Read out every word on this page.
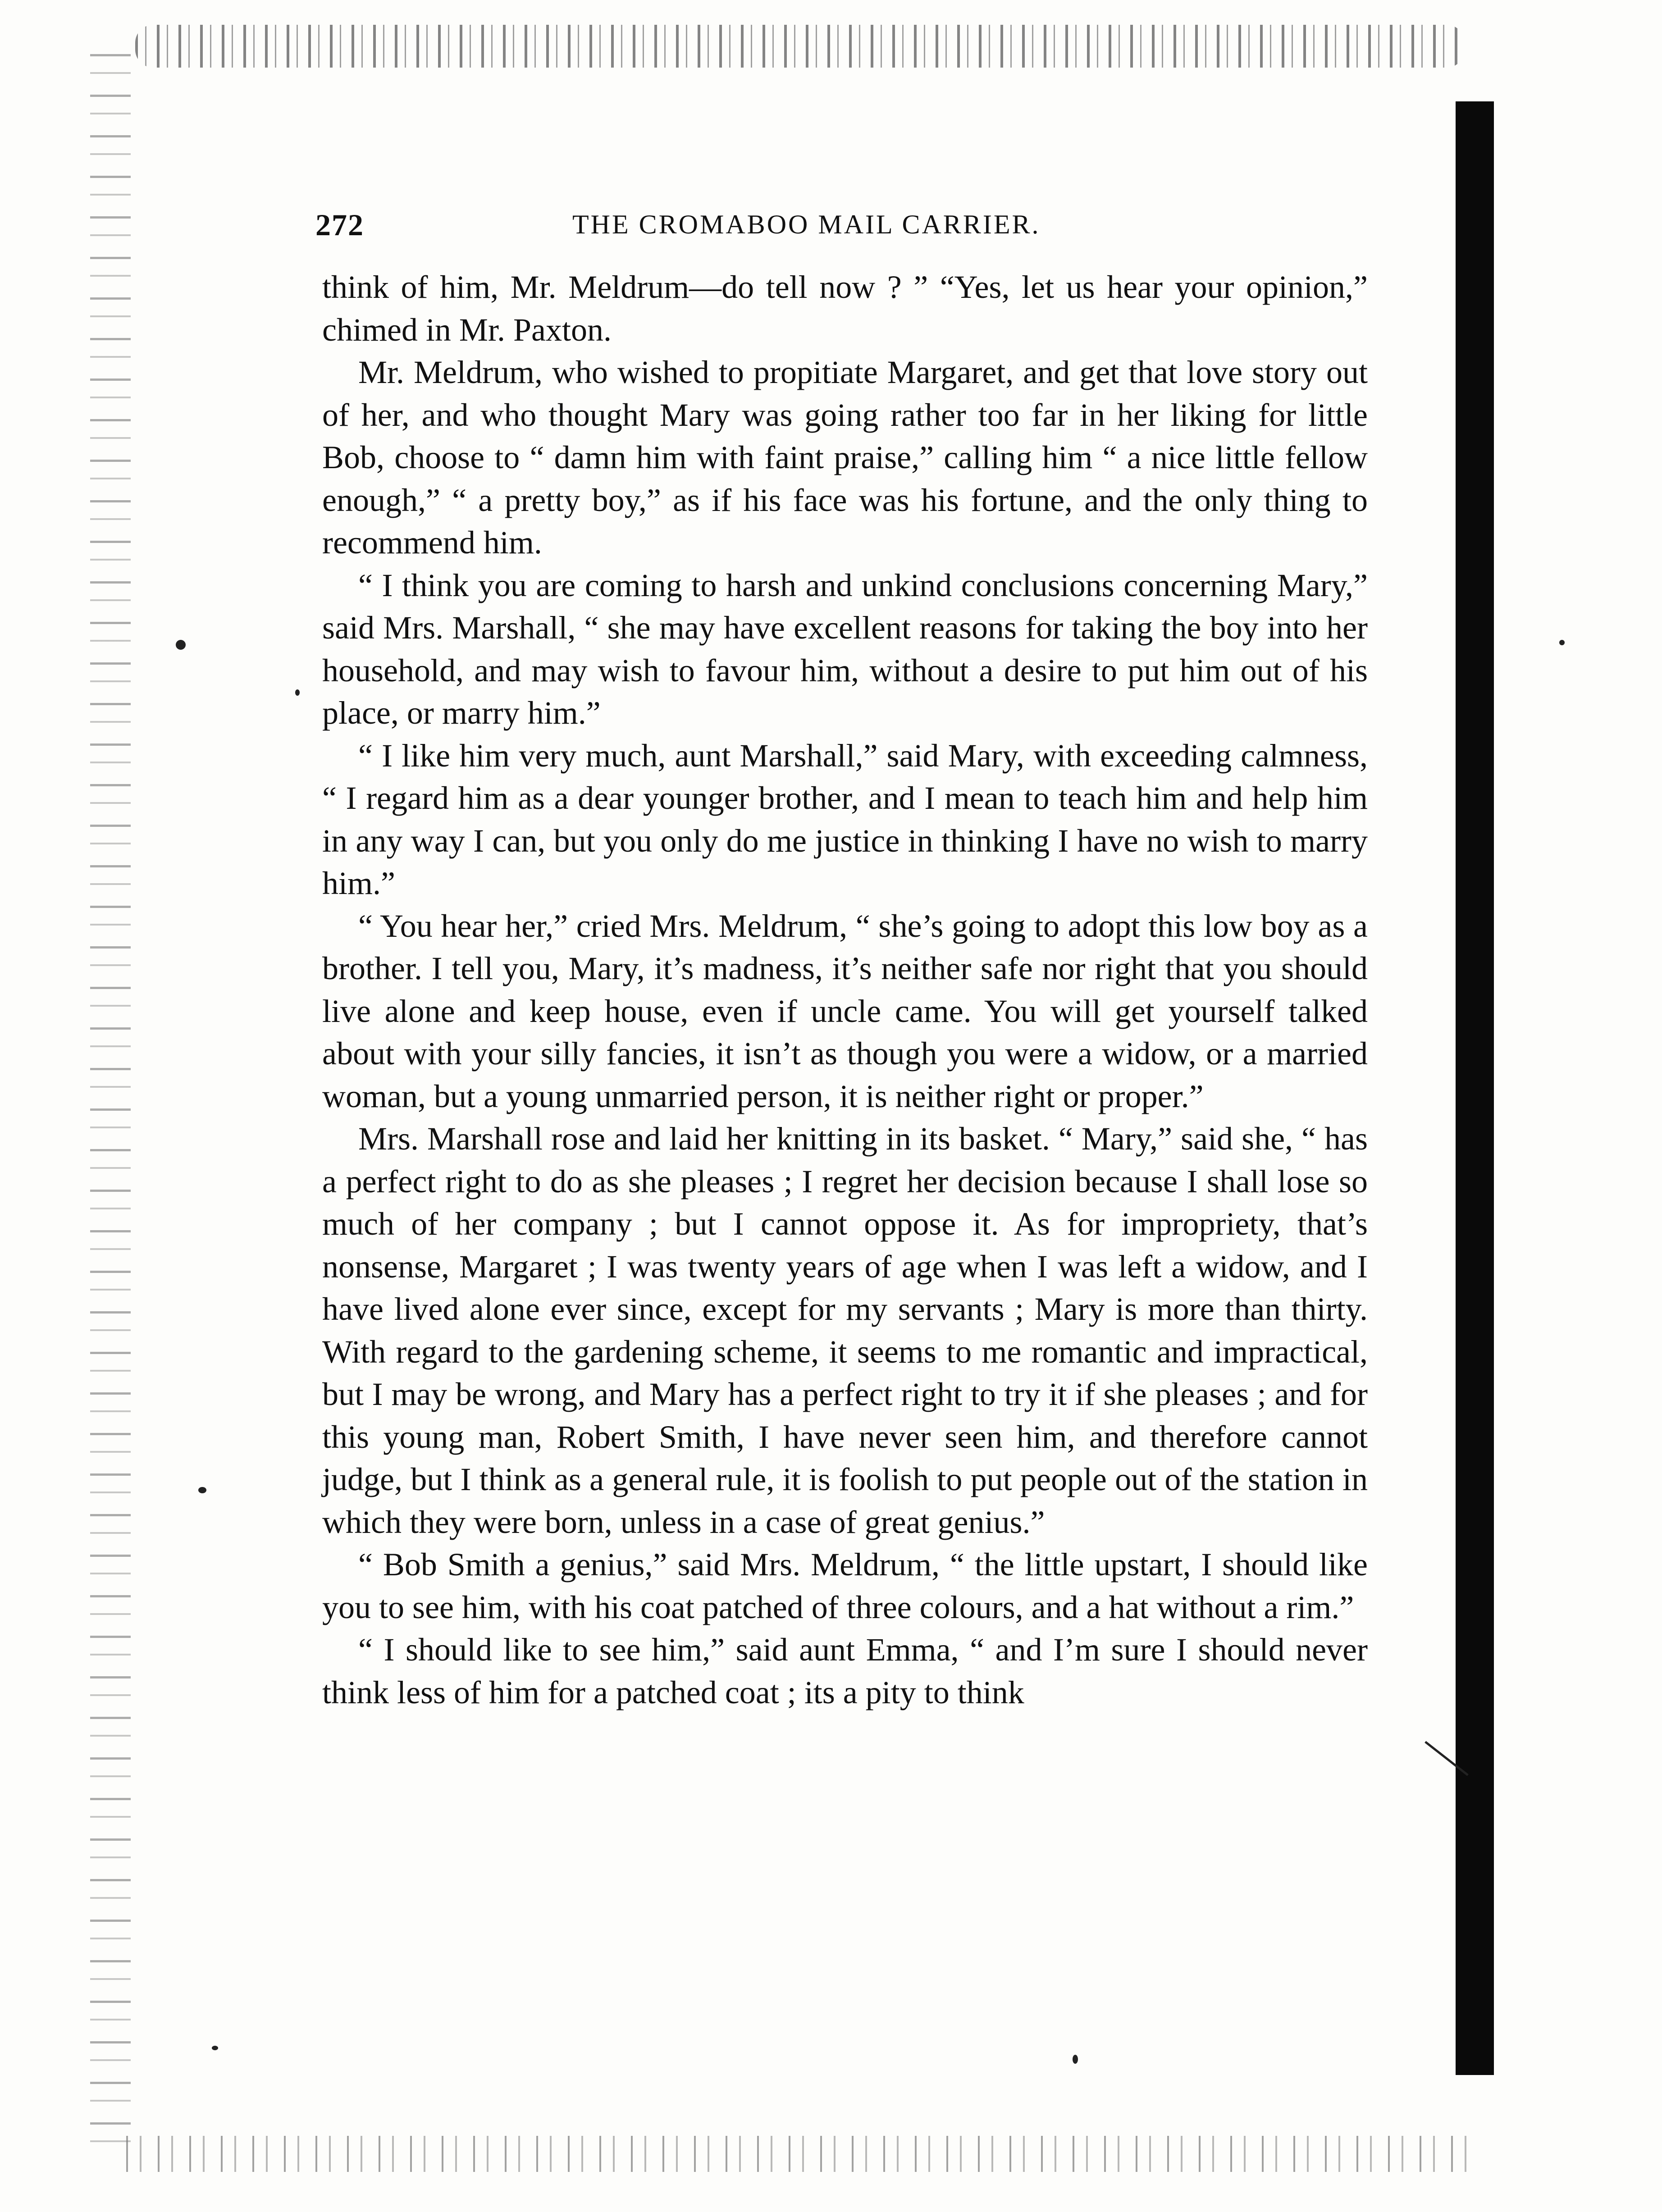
272	THE CROMABOO MAIL CARRIER.

think of him, Mr. Meldrum—do tell now ? ” “Yes, let us hear your opinion,” chimed in Mr. Paxton.

Mr. Meldrum, who wished to propitiate Margaret, and get that love story out of her, and who thought Mary was going rather too far in her liking for little Bob, choose to “ damn him with faint praise,” calling him “ a nice little fellow enough,” “ a pretty boy,” as if his face was his fortune, and the only thing to recommend him.

“ I think you are coming to harsh and unkind conclusions concerning Mary,” said Mrs. Marshall, “ she may have excellent reasons for taking the boy into her household, and may wish to favour him, without a desire to put him out of his place, or marry him.”

“ I like him very much, aunt Marshall,” said Mary, with exceeding calmness, “ I regard him as a dear younger brother, and I mean to teach him and help him in any way I can, but you only do me justice in thinking I have no wish to marry him.”

“ You hear her,” cried Mrs. Meldrum, “ she’s going to adopt this low boy as a brother. I tell you, Mary, it’s madness, it’s neither safe nor right that you should live alone and keep house, even if uncle came. You will get yourself talked about with your silly fancies, it isn’t as though you were a widow, or a married woman, but a young unmarried person, it is neither right or proper.”

Mrs. Marshall rose and laid her knitting in its basket. “ Mary,” said she, “ has a perfect right to do as she pleases ; I regret her decision because I shall lose so much of her company ; but I cannot oppose it. As for impropriety, that’s nonsense, Margaret ; I was twenty years of age when I was left a widow, and I have lived alone ever since, except for my servants ; Mary is more than thirty. With regard to the gardening scheme, it seems to me romantic and impractical, but I may be wrong, and Mary has a perfect right to try it if she pleases ; and for this young man, Robert Smith, I have never seen him, and therefore cannot judge, but I think as a general rule, it is foolish to put people out of the station in which they were born, unless in a case of great genius.”

“ Bob Smith a genius,” said Mrs. Meldrum, “ the little upstart, I should like you to see him, with his coat patched of three colours, and a hat without a rim.”

“ I should like to see him,” said aunt Emma, “ and I’m sure I should never think less of him for a patched coat ; its a pity to think
